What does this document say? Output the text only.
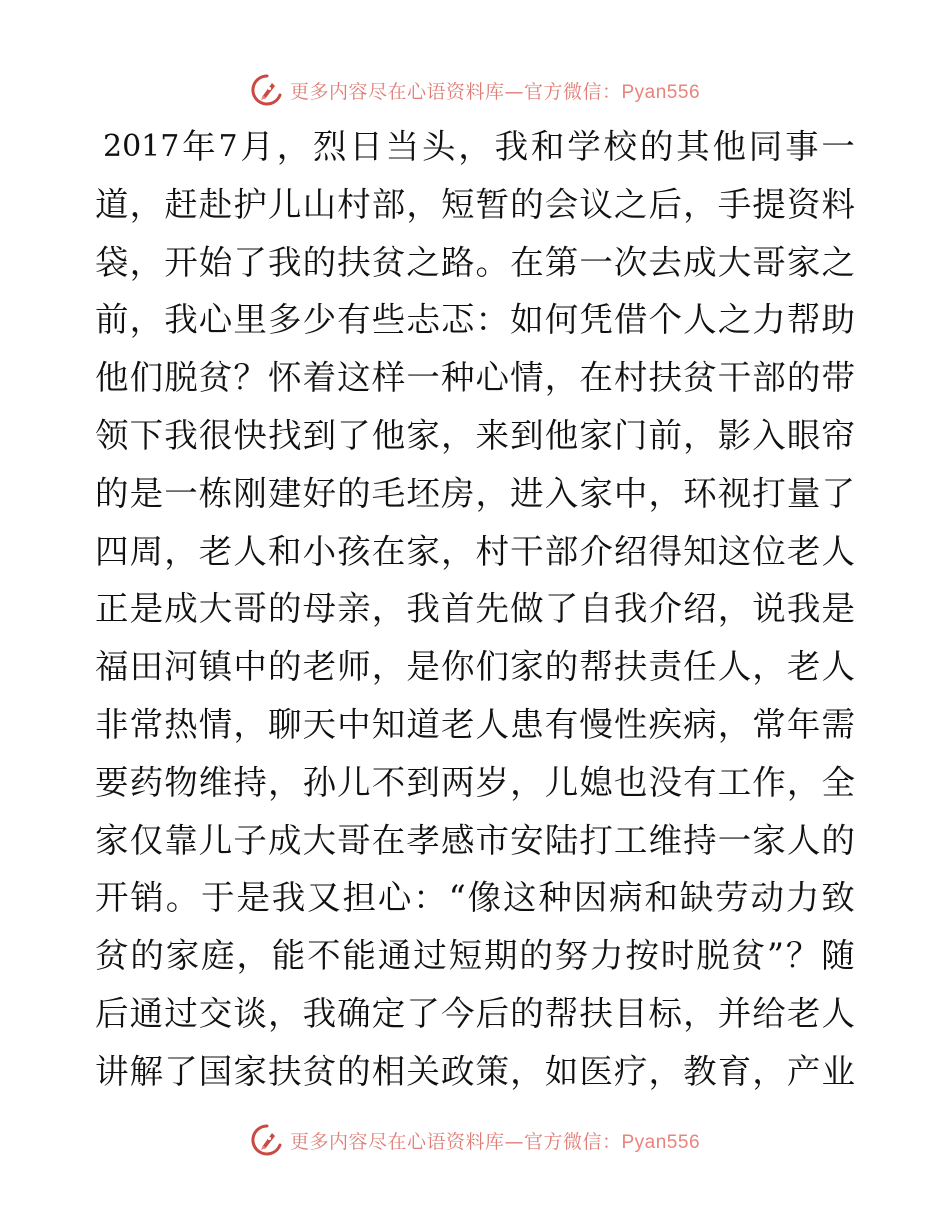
更多内容尽在心语资料库—官方微信：Pyan556
2017 年 7 月 ， 烈 日 当 头 ， 我 和 学 校 的 其 他 同 事 一
道 ， 赶 赴 护 儿 山 村 部 ， 短 暂 的 会 议 之 后 ， 手 提 资 料
袋 ， 开 始 了 我 的 扶 贫 之 路 。 在 第 一 次 去 成 大 哥 家 之
前 ， 我 心 里 多 少 有 些 忐 忑 ： 如 何 凭 借 个 人 之 力 帮 助
他 们 脱 贫 ？ 怀 着 这 样 一 种 心 情 ， 在 村 扶 贫 干 部 的 带
领 下 我 很 快 找 到 了 他 家 ， 来 到 他 家 门 前 ， 影 入 眼 帘
的 是 一 栋 刚 建 好 的 毛 坯 房 ， 进 入 家 中 ， 环 视 打 量 了
四 周 ， 老 人 和 小 孩 在 家 ， 村 干 部 介 绍 得 知 这 位 老 人
正 是 成 大 哥 的 母 亲 ， 我 首 先 做 了 自 我 介 绍 ， 说 我 是
福 田 河 镇 中 的 老 师 ， 是 你 们 家 的 帮 扶 责 任 人 ， 老 人
非 常 热 情 ， 聊 天 中 知 道 老 人 患 有 慢 性 疾 病 ， 常 年 需
要 药 物 维 持 ， 孙 儿 不 到 两 岁 ， 儿 媳 也 没 有 工 作 ， 全
家 仅 靠 儿 子 成 大 哥 在 孝 感 市 安 陆 打 工 维 持 一 家 人 的
开 销 。 于 是 我 又 担 心 ： “ 像 这 种 因 病 和 缺 劳 动 力 致
贫 的 家 庭 ， 能 不 能 通 过 短 期 的 努 力 按 时 脱 贫 ” ？ 随
后 通 过 交 谈 ， 我 确 定 了 今 后 的 帮 扶 目 标 ， 并 给 老 人
讲 解 了 国 家 扶 贫 的 相 关 政 策 ， 如 医 疗 ， 教 育 ， 产 业
更多内容尽在心语资料库—官方微信：Pyan556
